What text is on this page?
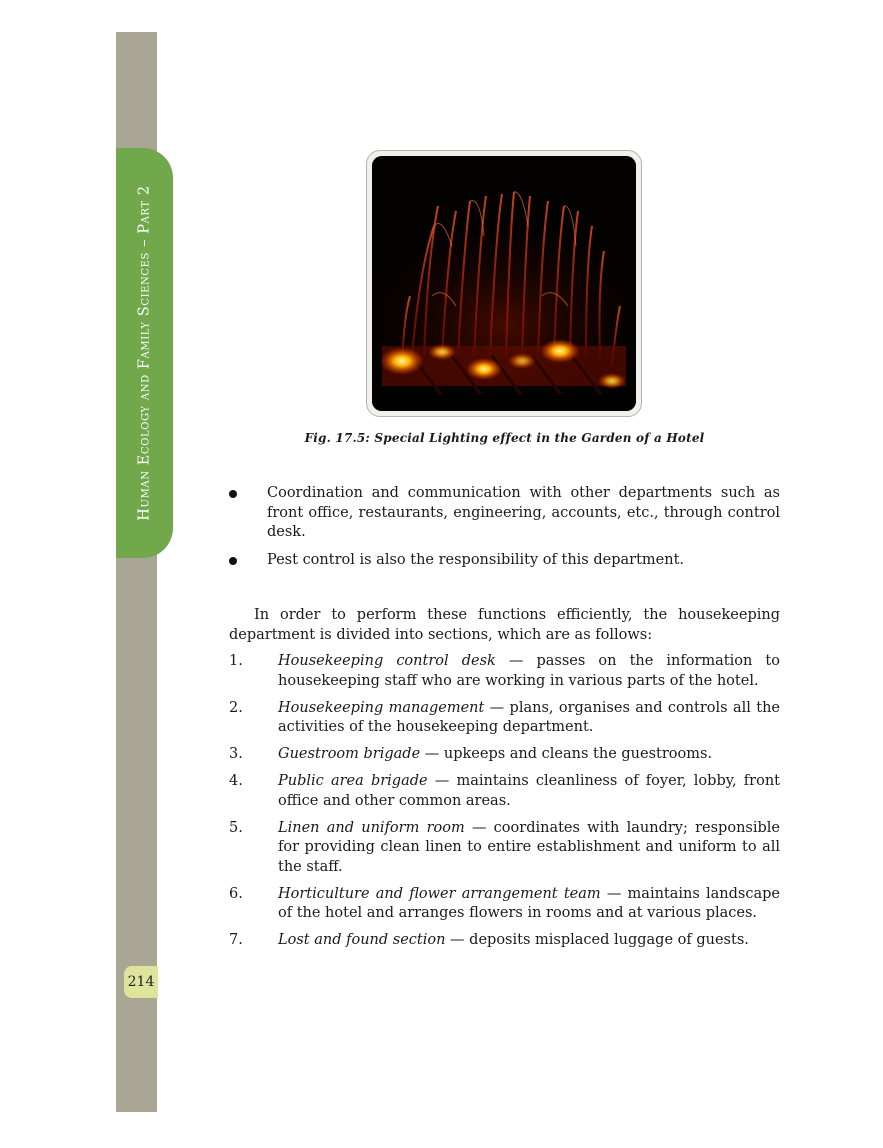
Human Ecology and Family Sciences – Part 2
214
Fig. 17.5: Special Lighting effect in the Garden of a Hotel
Coordination and communication with other departments such as front office, restaurants, engineering, accounts, etc., through control desk.
Pest control is also the responsibility of this department.

In order to perform these functions efficiently, the housekeeping department is divided into sections, which are as follows:

1. Housekeeping control desk — passes on the information to housekeeping staff who are working in various parts of the hotel.
2. Housekeeping management — plans, organises and controls all the activities of the housekeeping department.
3. Guestroom brigade — upkeeps and cleans the guestrooms.
4. Public area brigade — maintains cleanliness of foyer, lobby, front office and other common areas.
5. Linen and uniform room — coordinates with laundry; responsible for providing clean linen to entire establishment and uniform to all the staff.
6. Horticulture and flower arrangement team — maintains landscape of the hotel and arranges flowers in rooms and at various places.
7. Lost and found section — deposits misplaced luggage of guests.
